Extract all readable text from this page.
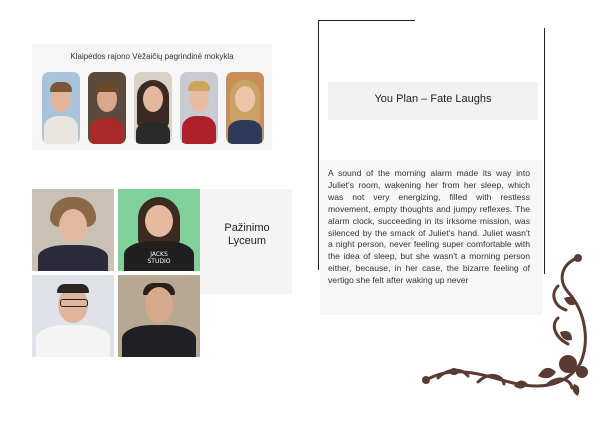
Klaipėdos rajono Vėžaičių pagrindinė mokykla
Pažinimo Lyceum
JACKS STUDIO
You Plan – Fate Laughs
A sound of the morning alarm made its way into Juliet's room, wakening her from her sleep, which was not very energizing, filled with restless movement, empty thoughts and jumpy reflexes. The alarm clock, succeeding in its irksome mission, was silenced by the smack of Juliet's hand. Juliet wasn't a night person, never feeling super comfortable with the idea of sleep, but she wasn't a morning person either, because, in her case, the bizarre feeling of vertigo she felt after waking up never
